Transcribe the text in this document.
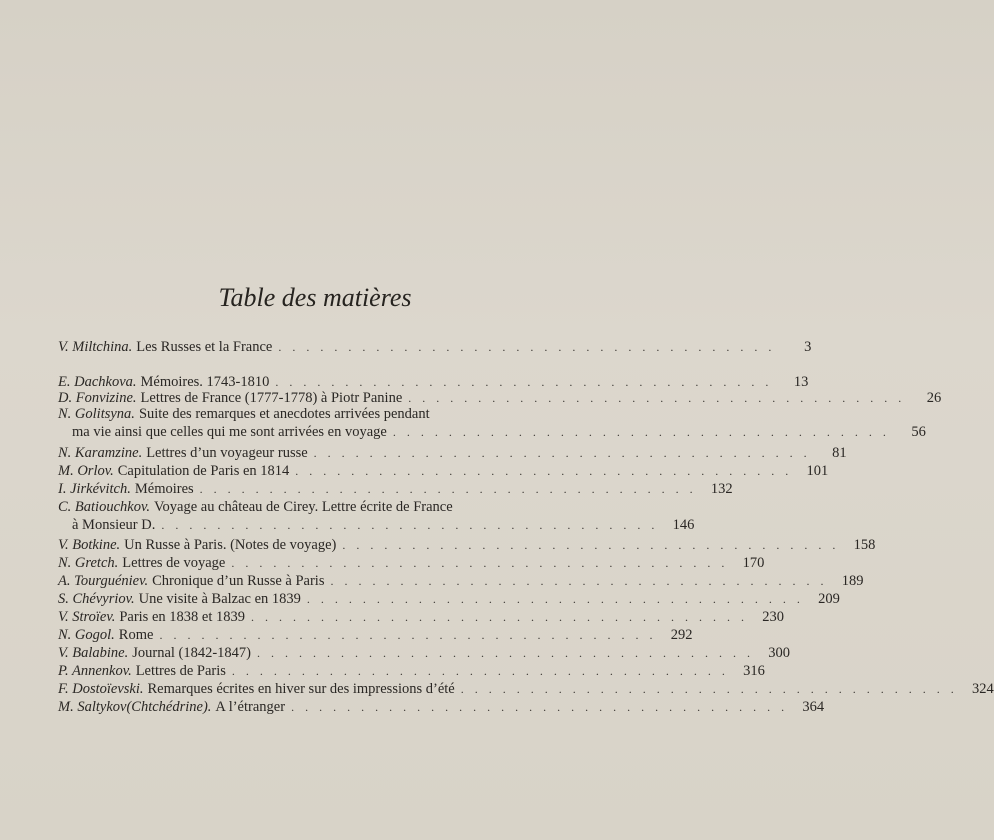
Table des matières
V. Miltchina. Les Russes et la France . . . . . . . . . . . . . . . . . . . . . . . . . . . . . . . . . . . .	3
E. Dachkova. Mémoires. 1743-1810 . . . . . . . . . . . . . . . . . . . . . . . . . . . . . . . . . . . .	13
D. Fonvizine. Lettres de France (1777-1778) à Piotr Panine . . . . . . . . . . . . . . . . . . . . . . . . . . . . . . . . . . . .	26
N. Golitsyna. Suite des remarques et anecdotes arrivées pendant
ma vie ainsi que celles qui me sont arrivées en voyage . . . . . . . . . . . . . . . . . . . . . . . . . . . . . . . . . . . .	56
N. Karamzine. Lettres d’un voyageur russe . . . . . . . . . . . . . . . . . . . . . . . . . . . . . . . . . . . .	81
M. Orlov. Capitulation de Paris en 1814 . . . . . . . . . . . . . . . . . . . . . . . . . . . . . . . . . . . . 101
I. Jirkévitch. Mémoires . . . . . . . . . . . . . . . . . . . . . . . . . . . . . . . . . . . . 132
C. Batiouchkov. Voyage au château de Cirey. Lettre écrite de France
à Monsieur D. . . . . . . . . . . . . . . . . . . . . . . . . . . . . . . . . . . . . 146
V. Botkine. Un Russe à Paris. (Notes de voyage) . . . . . . . . . . . . . . . . . . . . . . . . . . . . . . . . . . . . 158
N. Gretch. Lettres de voyage . . . . . . . . . . . . . . . . . . . . . . . . . . . . . . . . . . . . 170
A. Tourguéniev. Chronique d’un Russe à Paris . . . . . . . . . . . . . . . . . . . . . . . . . . . . . . . . . . . . 189
S. Chévyriov. Une visite à Balzac en 1839 . . . . . . . . . . . . . . . . . . . . . . . . . . . . . . . . . . . . 209
V. Stroïev. Paris en 1838 et 1839 . . . . . . . . . . . . . . . . . . . . . . . . . . . . . . . . . . . . 230
N. Gogol. Rome . . . . . . . . . . . . . . . . . . . . . . . . . . . . . . . . . . . . 292
V. Balabine. Journal (1842-1847) . . . . . . . . . . . . . . . . . . . . . . . . . . . . . . . . . . . . 300
P. Annenkov. Lettres de Paris . . . . . . . . . . . . . . . . . . . . . . . . . . . . . . . . . . . . 316
F. Dostoïevski. Remarques écrites en hiver sur des impressions d’été . . . . . . . . . . . . . . . . . . . . . . . . . . . . . . . . . . . . 324
M. Saltykov(Chtchédrine). A l’étranger . . . . . . . . . . . . . . . . . . . . . . . . . . . . . . . . . . . . 364
